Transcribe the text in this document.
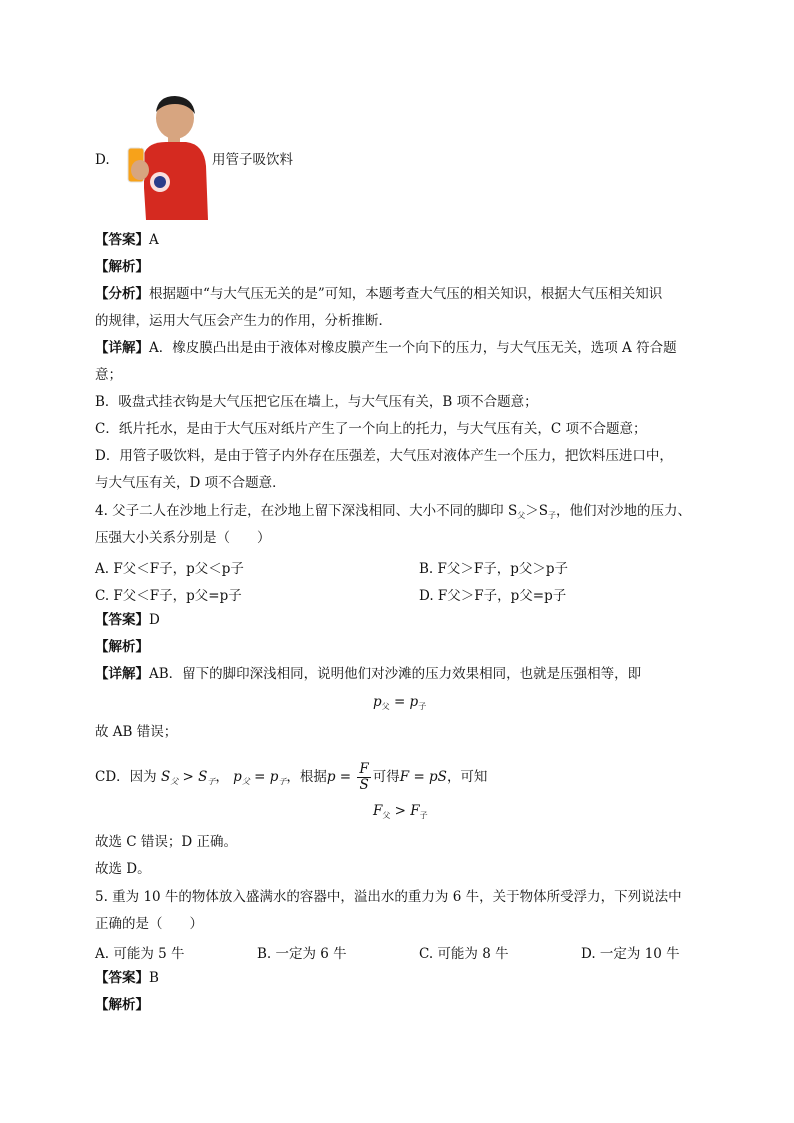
D.	用管子吸饮料
【答案】A
【解析】
【分析】根据题中“与大气压无关的是”可知，本题考查大气压的相关知识，根据大气压相关知识
的规律，运用大气压会产生力的作用，分析推断．
【详解】A．橡皮膜凸出是由于液体对橡皮膜产生一个向下的压力，与大气压无关，选项 A 符合题
意；
B．吸盘式挂衣钩是大气压把它压在墙上，与大气压有关，B 项不合题意；
C．纸片托水，是由于大气压对纸片产生了一个向上的托力，与大气压有关，C 项不合题意；
D．用管子吸饮料，是由于管子内外存在压强差，大气压对液体产生一个压力，把饮料压进口中，
与大气压有关，D 项不合题意．
4. 父子二人在沙地上行走，在沙地上留下深浅相同、大小不同的脚印 $S_父>S_子$，他们对沙地的压力、
压强大小关系分别是（　　）
A. F父＜F子，p父＜p子	B. F父＞F子，p父＞p子
C. F父＜F子，p父=p子	D. F父＞F子，p父=p子
【答案】D
【解析】
【详解】AB．留下的脚印深浅相同，说明他们对沙滩的压力效果相同，也就是压强相等，即
$p_父 = p_子$
故 AB 错误；
CD．因为 $S_父 > S_子$， $p_父 = p_子$，根据$p = \frac{F}{S}$ 可得F = pS，可知
$F_父 > F_子$
故选 C 错误；D 正确。
故选 D。
5. 重为 10 牛的物体放入盛满水的容器中，溢出水的重力为 6 牛，关于物体所受浮力，下列说法中
正确的是（　　）
A. 可能为 5 牛	B. 一定为 6 牛	C. 可能为 8 牛	D. 一定为 10 牛
【答案】B
【解析】
